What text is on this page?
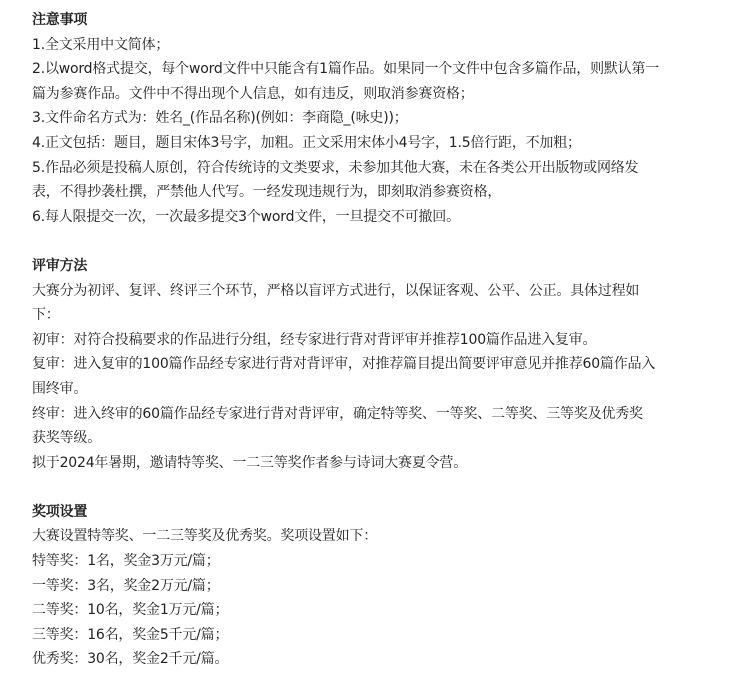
注意事项
1.全文采用中文简体；
2.以word格式提交，每个word文件中只能含有1篇作品。如果同一个文件中包含多篇作品，则默认第一
篇为参赛作品。文件中不得出现个人信息，如有违反，则取消参赛资格；
3.文件命名方式为：姓名_(作品名称)(例如：李商隐_(咏史))；
4.正文包括：题目，题目宋体3号字，加粗。正文采用宋体小4号字，1.5倍行距，不加粗；
5.作品必须是投稿人原创，符合传统诗的文类要求，未参加其他大赛，未在各类公开出版物或网络发
表，不得抄袭杜撰，严禁他人代写。一经发现违规行为，即刻取消参赛资格，
6.每人限提交一次，一次最多提交3个word文件，一旦提交不可撤回。
评审方法
大赛分为初评、复评、终评三个环节，严格以盲评方式进行，以保证客观、公平、公正。具体过程如
下：
初审：对符合投稿要求的作品进行分组，经专家进行背对背评审并推荐100篇作品进入复审。
复审：进入复审的100篇作品经专家进行背对背评审，对推荐篇目提出简要评审意见并推荐60篇作品入
围终审。
终审：进入终审的60篇作品经专家进行背对背评审，确定特等奖、一等奖、二等奖、三等奖及优秀奖
获奖等级。
拟于2024年暑期，邀请特等奖、一二三等奖作者参与诗词大赛夏令营。
奖项设置
大赛设置特等奖、一二三等奖及优秀奖。奖项设置如下：
特等奖：1名，奖金3万元/篇；
一等奖：3名，奖金2万元/篇；
二等奖：10名，奖金1万元/篇；
三等奖：16名，奖金5千元/篇；
优秀奖：30名，奖金2千元/篇。
